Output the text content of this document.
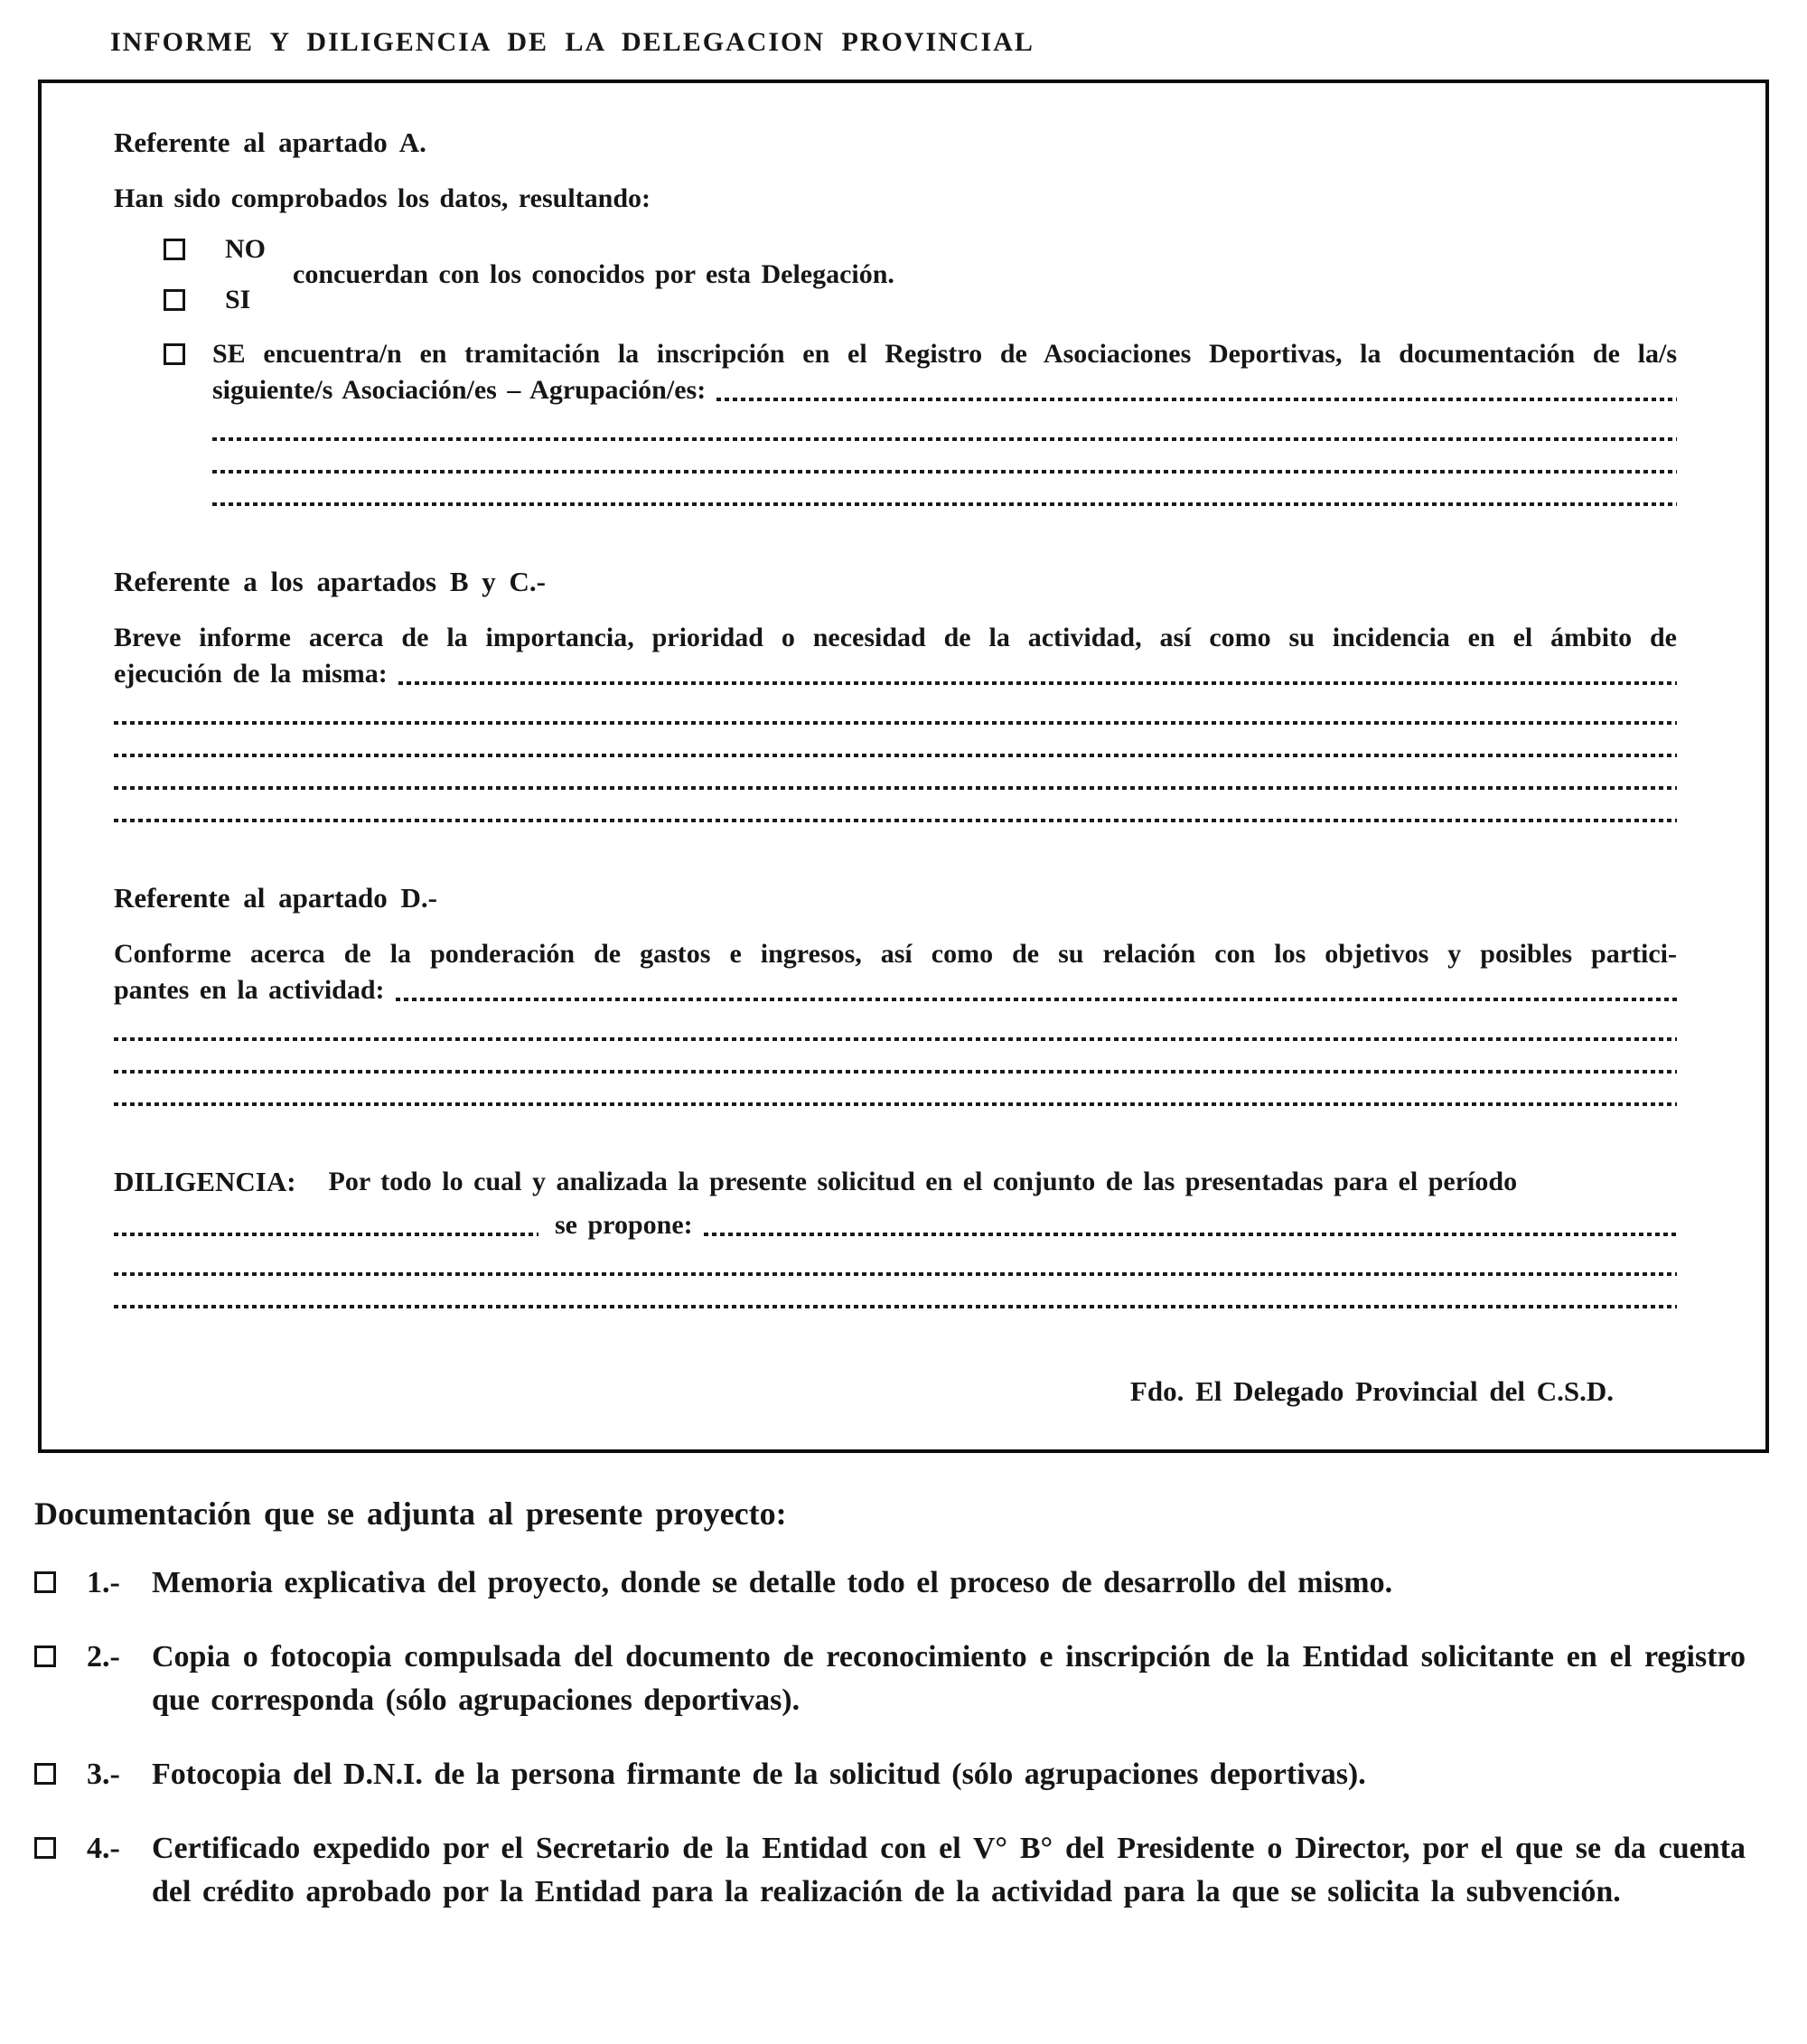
INFORME Y DILIGENCIA DE LA DELEGACION PROVINCIAL
Referente al apartado A.
Han sido comprobados los datos, resultando:
NO
SI
concuerdan con los conocidos por esta Delegación.
SE encuentra/n en tramitación la inscripción en el Registro de Asociaciones Deportivas, la documentación de la/s
siguiente/s Asociación/es – Agrupación/es:
Referente a los apartados B y C.-
Breve informe acerca de la importancia, prioridad o necesidad de la actividad, así como su incidencia en el ámbito de
ejecución de la misma:
Referente al apartado D.-
Conforme acerca de la ponderación de gastos e ingresos, así como de su relación con los objetivos y posibles partici-
pantes en la actividad:
DILIGENCIA: Por todo lo cual y analizada la presente solicitud en el conjunto de las presentadas para el período
se propone:
Fdo. El Delegado Provincial del C.S.D.
Documentación que se adjunta al presente proyecto:
1.-	Memoria explicativa del proyecto, donde se detalle todo el proceso de desarrollo del mismo.
2.-	Copia o fotocopia compulsada del documento de reconocimiento e inscripción de la Entidad solicitante en el registro que corresponda (sólo agrupaciones deportivas).
3.-	Fotocopia del D.N.I. de la persona firmante de la solicitud (sólo agrupaciones deportivas).
4.-	Certificado expedido por el Secretario de la Entidad con el V° B° del Presidente o Director, por el que se da cuenta del crédito aprobado por la Entidad para la realización de la actividad para la que se solicita la subvención.
